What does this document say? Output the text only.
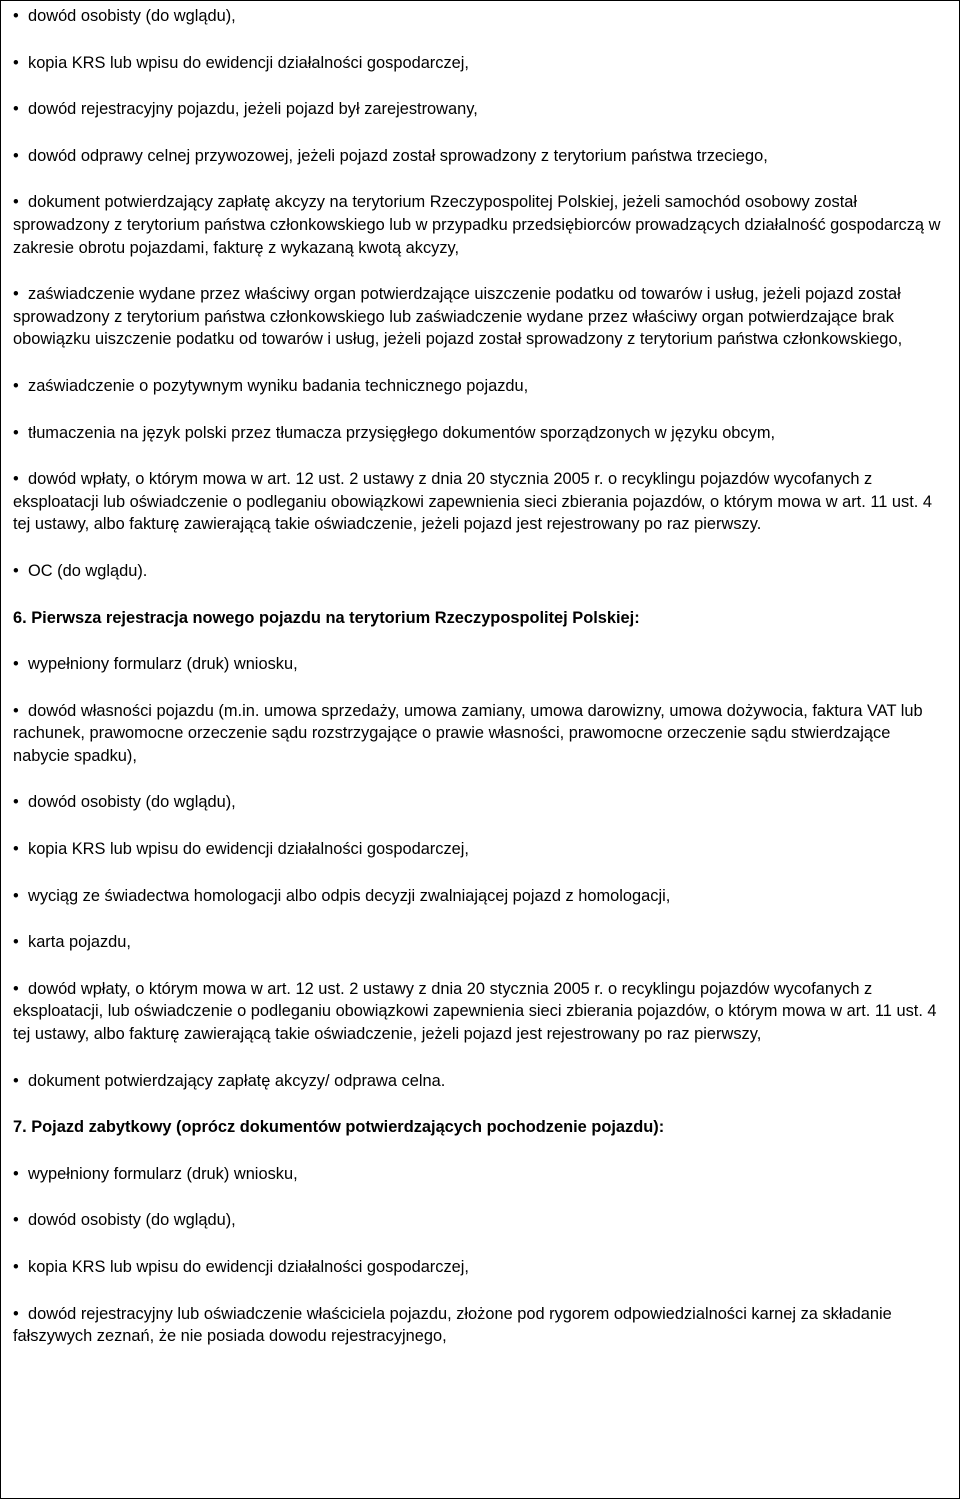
• dowód osobisty (do wglądu),
• kopia KRS lub wpisu do ewidencji działalności gospodarczej,
• dowód rejestracyjny pojazdu, jeżeli pojazd był zarejestrowany,
• dowód odprawy celnej przywozowej, jeżeli pojazd został sprowadzony z terytorium państwa trzeciego,
• dokument potwierdzający zapłatę akcyzy na terytorium Rzeczypospolitej Polskiej, jeżeli samochód osobowy został sprowadzony z terytorium państwa członkowskiego lub w przypadku przedsiębiorców prowadzących działalność gospodarczą w zakresie obrotu pojazdami, fakturę z wykazaną kwotą akcyzy,
• zaświadczenie wydane przez właściwy organ potwierdzające uiszczenie podatku od towarów i usług, jeżeli pojazd został sprowadzony z terytorium państwa członkowskiego lub zaświadczenie wydane przez właściwy organ potwierdzające brak obowiązku uiszczenie podatku od towarów i usług, jeżeli pojazd został sprowadzony z terytorium państwa członkowskiego,
• zaświadczenie o pozytywnym wyniku badania technicznego pojazdu,
• tłumaczenia na język polski przez tłumacza przysięgłego dokumentów sporządzonych w języku obcym,
• dowód wpłaty, o którym mowa w art. 12 ust. 2 ustawy z dnia 20 stycznia 2005 r. o recyklingu pojazdów wycofanych z eksploatacji lub oświadczenie o podleganiu obowiązkowi zapewnienia sieci zbierania pojazdów, o którym mowa w art. 11 ust. 4 tej ustawy, albo fakturę zawierającą takie oświadczenie, jeżeli pojazd jest rejestrowany po raz pierwszy.
• OC (do wglądu).
6. Pierwsza rejestracja nowego pojazdu na terytorium Rzeczypospolitej Polskiej:
• wypełniony formularz (druk) wniosku,
• dowód własności pojazdu (m.in. umowa sprzedaży, umowa zamiany, umowa darowizny, umowa dożywocia, faktura VAT lub rachunek, prawomocne orzeczenie sądu rozstrzygające o prawie własności, prawomocne orzeczenie sądu stwierdzające nabycie spadku),
• dowód osobisty (do wglądu),
• kopia KRS lub wpisu do ewidencji działalności gospodarczej,
• wyciąg ze świadectwa homologacji albo odpis decyzji zwalniającej pojazd z homologacji,
• karta pojazdu,
• dowód wpłaty, o którym mowa w art. 12 ust. 2 ustawy z dnia 20 stycznia 2005 r. o recyklingu pojazdów wycofanych z eksploatacji, lub oświadczenie o podleganiu obowiązkowi zapewnienia sieci zbierania pojazdów, o którym mowa w art. 11 ust. 4 tej ustawy, albo fakturę zawierającą takie oświadczenie, jeżeli pojazd jest rejestrowany po raz pierwszy,
• dokument potwierdzający zapłatę akcyzy/ odprawa celna.
7. Pojazd zabytkowy (oprócz dokumentów potwierdzających pochodzenie pojazdu):
• wypełniony formularz (druk) wniosku,
• dowód osobisty (do wglądu),
• kopia KRS lub wpisu do ewidencji działalności gospodarczej,
• dowód rejestracyjny lub oświadczenie właściciela pojazdu, złożone pod rygorem odpowiedzialności karnej za składanie fałszywych zeznań, że nie posiada dowodu rejestracyjnego,
